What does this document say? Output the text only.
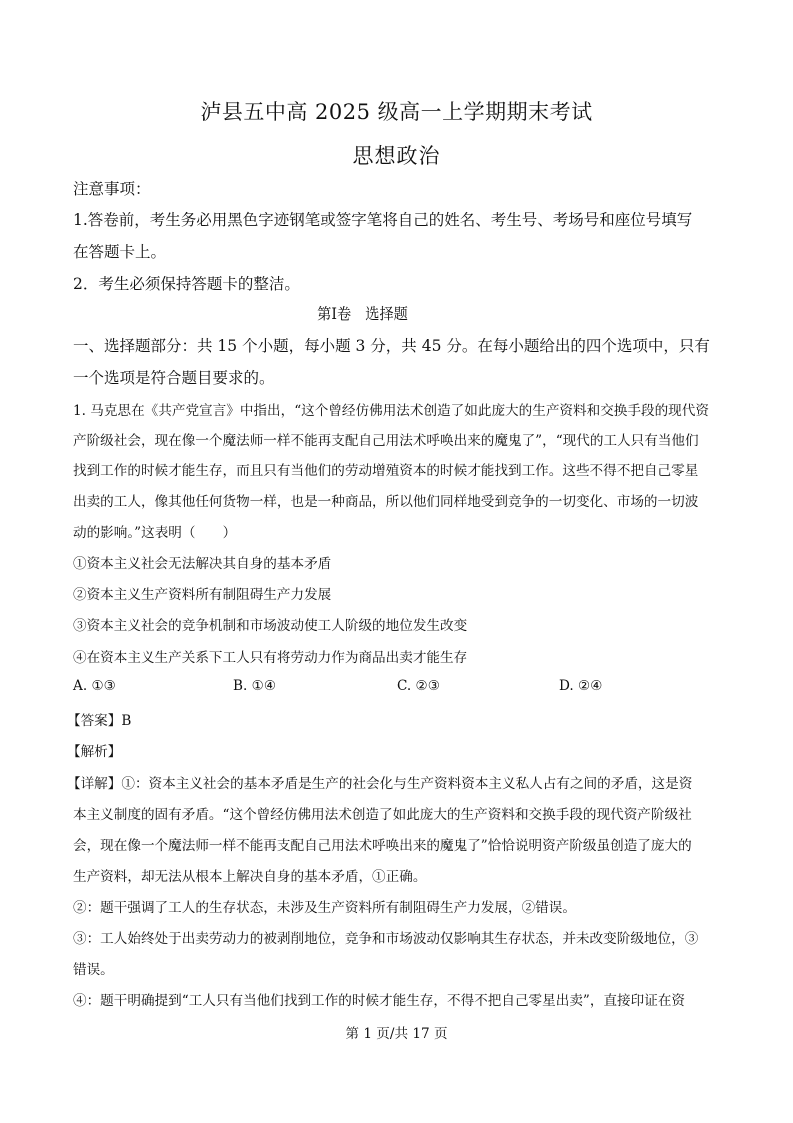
泸县五中高 2025 级高一上学期期末考试
思想政治
注意事项：
1.答卷前，考生务必用黑色字迹钢笔或签字笔将自己的姓名、考生号、考场号和座位号填写
在答题卡上。
2．考生必须保持答题卡的整洁。
第Ⅰ卷　选择题
一、选择题部分：共 15 个小题，每小题 3 分，共 45 分。在每小题给出的四个选项中，只有
一个选项是符合题目要求的。
1. 马克思在《共产党宣言》中指出，“这个曾经仿佛用法术创造了如此庞大的生产资料和交换手段的现代资
产阶级社会，现在像一个魔法师一样不能再支配自己用法术呼唤出来的魔鬼了”，“现代的工人只有当他们
找到工作的时候才能生存，而且只有当他们的劳动增殖资本的时候才能找到工作。这些不得不把自己零星
出卖的工人，像其他任何货物一样，也是一种商品，所以他们同样地受到竞争的一切变化、市场的一切波
动的影响。”这表明（　　）
①资本主义社会无法解决其自身的基本矛盾
②资本主义生产资料所有制阻碍生产力发展
③资本主义社会的竞争机制和市场波动使工人阶级的地位发生改变
④在资本主义生产关系下工人只有将劳动力作为商品出卖才能生存
A. ①③	B. ①④	C. ②③	D. ②④
【答案】B
【解析】
【详解】①：资本主义社会的基本矛盾是生产的社会化与生产资料资本主义私人占有之间的矛盾，这是资
本主义制度的固有矛盾。“这个曾经仿佛用法术创造了如此庞大的生产资料和交换手段的现代资产阶级社
会，现在像一个魔法师一样不能再支配自己用法术呼唤出来的魔鬼了”恰恰说明资产阶级虽创造了庞大的
生产资料，却无法从根本上解决自身的基本矛盾，①正确。
②：题干强调了工人的生存状态，未涉及生产资料所有制阻碍生产力发展，②错误。
③：工人始终处于出卖劳动力的被剥削地位，竞争和市场波动仅影响其生存状态，并未改变阶级地位，③
错误。
④：题干明确提到“工人只有当他们找到工作的时候才能生存，不得不把自己零星出卖”，直接印证在资
第 1 页/共 17 页
